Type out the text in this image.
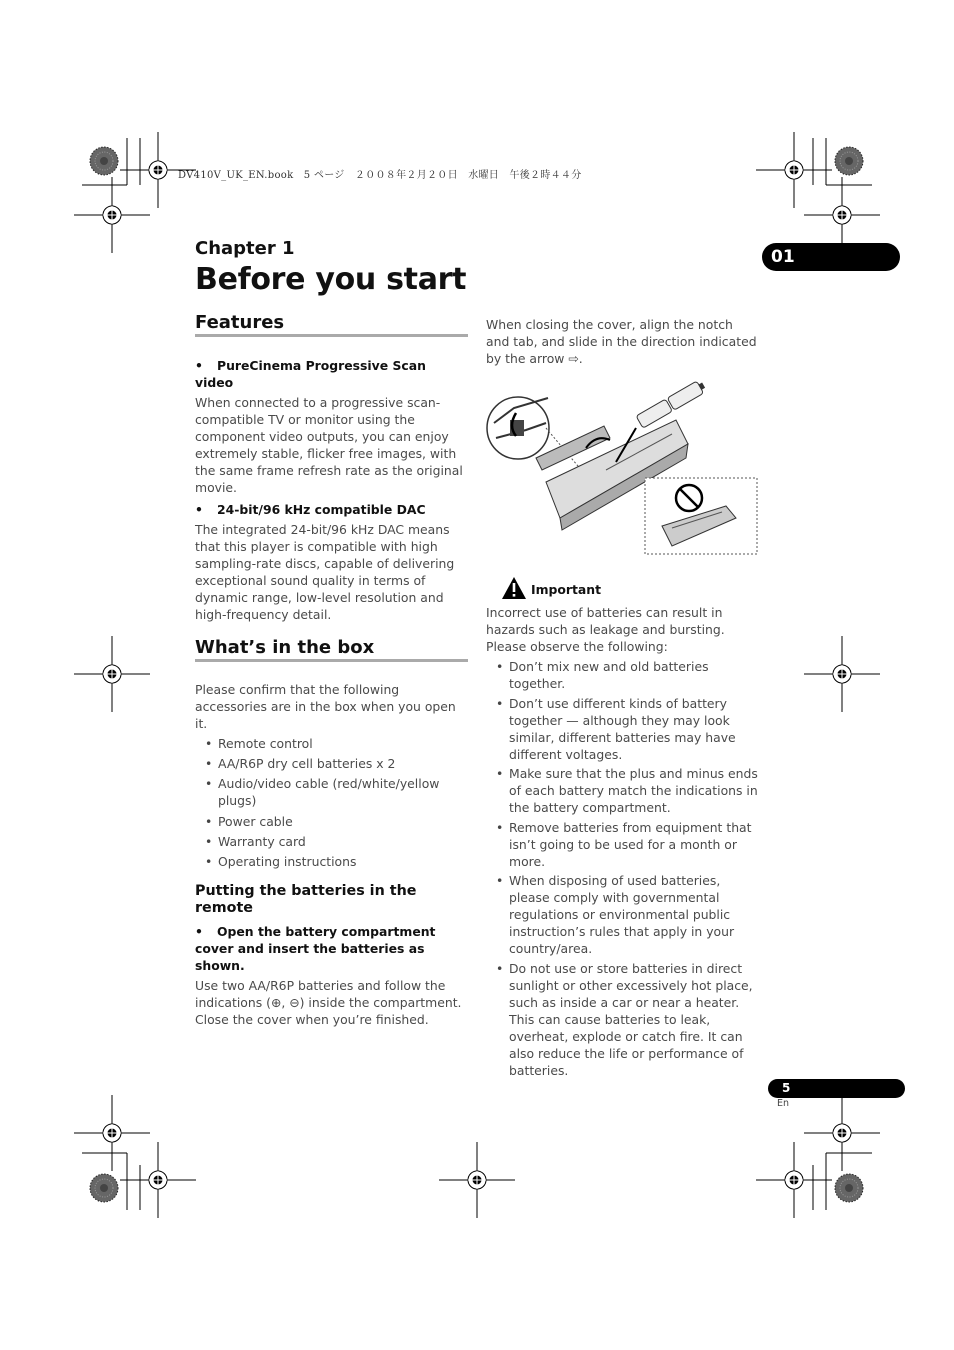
DV410V_UK_EN.book　5 ページ　２００８年２月２０日　水曜日　午後２時４４分
Chapter 1
Before you start
01
Features

• PureCinema Progressive Scan video

When connected to a progressive scan-compatible TV or monitor using the component video outputs, you can enjoy extremely stable, flicker free images, with the same frame refresh rate as the original movie.

• 24-bit/96 kHz compatible DAC

The integrated 24-bit/96 kHz DAC means that this player is compatible with high sampling-rate discs, capable of delivering exceptional sound quality in terms of dynamic range, low-level resolution and high-frequency detail.

What’s in the box

Please confirm that the following accessories are in the box when you open it.

• Remote control
• AA/R6P dry cell batteries x 2
• Audio/video cable (red/white/yellow plugs)
• Power cable
• Warranty card
• Operating instructions
Putting the batteries in the remote

• Open the battery compartment cover and insert the batteries as shown.

Use two AA/R6P batteries and follow the indications (⊕, ⊖) inside the compartment. Close the cover when you’re finished.

When closing the cover, align the notch and tab, and slide in the direction indicated by the arrow ⇨.

Important

Incorrect use of batteries can result in hazards such as leakage and bursting. Please observe the following:

• Don’t mix new and old batteries together.
• Don’t use different kinds of battery together — although they may look similar, different batteries may have different voltages.
• Make sure that the plus and minus ends of each battery match the indications in the battery compartment.
• Remove batteries from equipment that isn’t going to be used for a month or more.
• When disposing of used batteries, please comply with governmental regulations or environmental public instruction’s rules that apply in your country/area.
• Do not use or store batteries in direct sunlight or other excessively hot place, such as inside a car or near a heater. This can cause batteries to leak, overheat, explode or catch fire. It can also reduce the life or performance of batteries.
5
En
